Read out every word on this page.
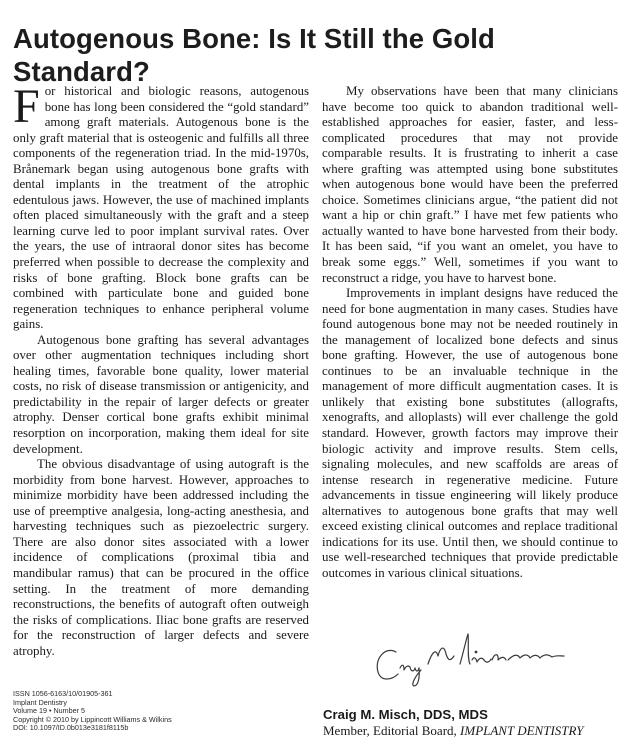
Autogenous Bone: Is It Still the Gold Standard?

For historical and biologic reasons, autogenous bone has long been considered the “gold standard” among graft materials. Autogenous bone is the only graft material that is osteogenic and fulfills all three components of the regeneration triad. In the mid-1970s, Brånemark began using autogenous bone grafts with dental implants in the treatment of the atrophic edentulous jaws. However, the use of machined implants often placed simultaneously with the graft and a steep learning curve led to poor implant survival rates. Over the years, the use of intraoral donor sites has become preferred when possible to decrease the complexity and risks of bone grafting. Block bone grafts can be combined with particulate bone and guided bone regeneration techniques to enhance peripheral volume gains.

Autogenous bone grafting has several advantages over other augmentation techniques including short healing times, favorable bone quality, lower material costs, no risk of disease transmission or antigenicity, and predictability in the repair of larger defects or greater atrophy. Denser cortical bone grafts exhibit minimal resorption on incorporation, making them ideal for site development.

The obvious disadvantage of using autograft is the morbidity from bone harvest. However, approaches to minimize morbidity have been addressed including the use of preemptive analgesia, long-acting anesthesia, and harvesting techniques such as piezoelectric surgery. There are also donor sites associated with a lower incidence of complications (proximal tibia and mandibular ramus) that can be procured in the office setting. In the treatment of more demanding reconstructions, the benefits of autograft often outweigh the risks of complications. Iliac bone grafts are reserved for the reconstruction of larger defects and severe atrophy.

My observations have been that many clinicians have become too quick to abandon traditional well-established approaches for easier, faster, and less-complicated procedures that may not provide comparable results. It is frustrating to inherit a case where grafting was attempted using bone substitutes when autogenous bone would have been the preferred choice. Sometimes clinicians argue, “the patient did not want a hip or chin graft.” I have met few patients who actually wanted to have bone harvested from their body. It has been said, “if you want an omelet, you have to break some eggs.” Well, sometimes if you want to reconstruct a ridge, you have to harvest bone.

Improvements in implant designs have reduced the need for bone augmentation in many cases. Studies have found autogenous bone may not be needed routinely in the management of localized bone defects and sinus bone grafting. However, the use of autogenous bone continues to be an invaluable technique in the management of more difficult augmentation cases. It is unlikely that existing bone substitutes (allografts, xenografts, and alloplasts) will ever challenge the gold standard. However, growth factors may improve their biologic activity and improve results. Stem cells, signaling molecules, and new scaffolds are areas of intense research in regenerative medicine. Future advancements in tissue engineering will likely produce alternatives to autogenous bone grafts that may well exceed existing clinical outcomes and replace traditional indications for its use. Until then, we should continue to use well-researched techniques that provide predictable outcomes in various clinical situations.

ISSN 1056-6163/10/01905-361
Implant Dentistry
Volume 19 • Number 5
Copyright © 2010 by Lippincott Williams & Wilkins
DOI: 10.1097/ID.0b013e3181f8115b
Craig M. Misch, DDS, MDS
Member, Editorial Board, IMPLANT DENTISTRY
